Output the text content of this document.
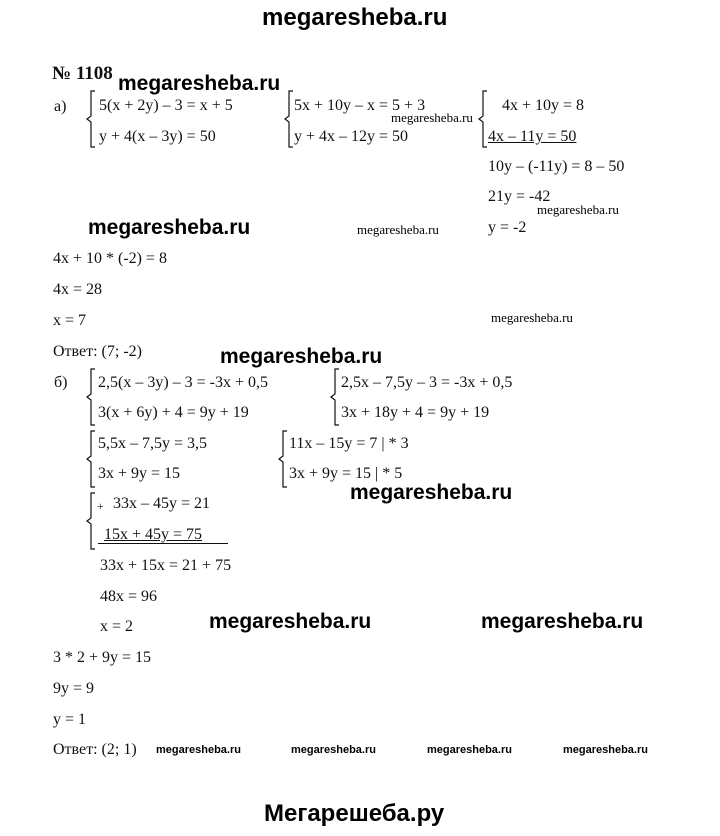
megaresheba.ru
Мегарешеба.ру
№ 1108
а) 5(x + 2y) – 3 = x + 5
y + 4(x – 3y) = 50
5x + 10y – x = 5 + 3
y + 4x – 12y = 50
4x + 10y = 8
4x – 11y = 50
10y – (-11y) = 8 – 50
21y = -42
y = -2
4x + 10 * (-2) = 8
4x = 28
x = 7
Ответ: (7; -2)
б) 2,5(x – 3y) – 3 = -3x + 0,5
3(x + 6y) + 4 = 9y + 19
2,5x – 7,5y – 3 = -3x + 0,5
3x + 18y + 4 = 9y + 19
5,5x – 7,5y = 3,5
3x + 9y = 15
11x – 15y = 7 | * 3
3x + 9y = 15 | * 5
+ 33x – 45y = 21
15x + 45y = 75
33x + 15x = 21 + 75
48x = 96
x = 2
3 * 2 + 9y = 15
9y = 9
y = 1
Ответ: (2; 1)
megaresheba.ru
megaresheba.ru
megaresheba.ru	megaresheba.ru
megaresheba.ru
megaresheba.ru
megaresheba.ru
megaresheba.ru
megaresheba.ru	megaresheba.ru
megaresheba.ru	megaresheba.ru	megaresheba.ru	megaresheba.ru
